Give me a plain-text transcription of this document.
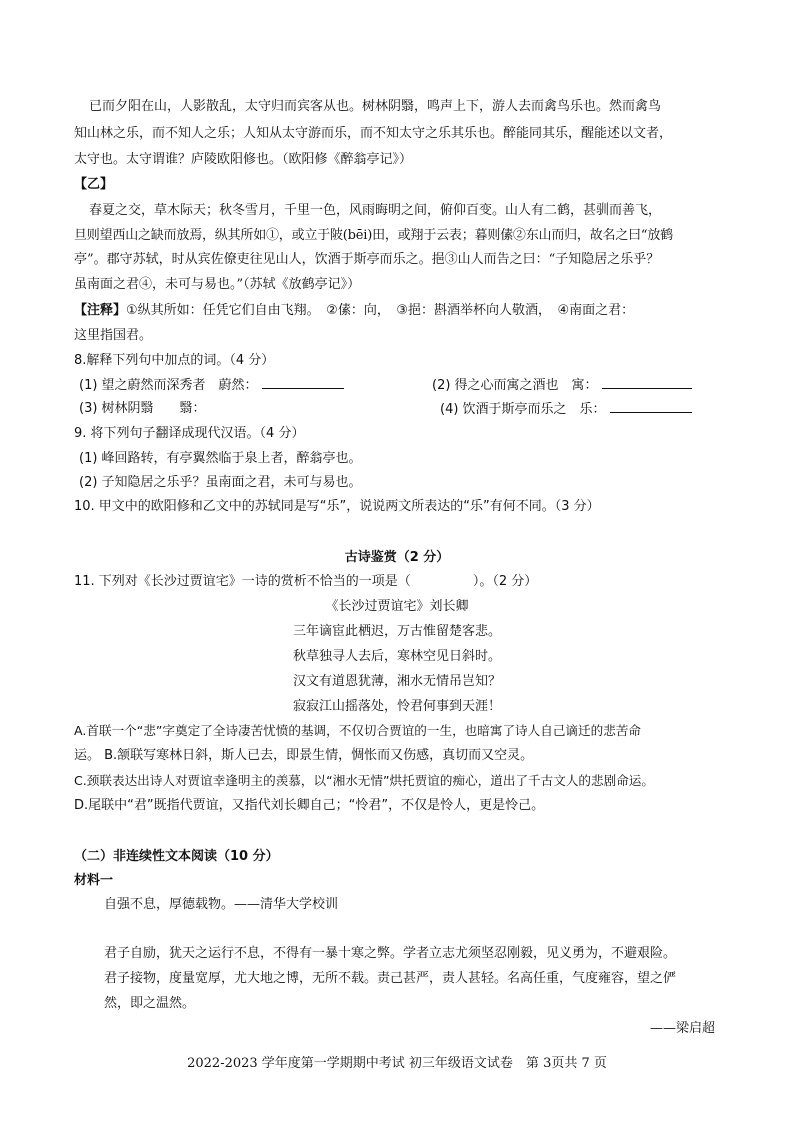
已而夕阳在山，人影散乱，太守归而宾客从也。树林阴翳，鸣声上下，游人去而禽鸟乐也。然而禽鸟
知山林之乐，而不知人之乐；人知从太守游而乐，而不知太守之乐其乐也。醉能同其乐，醒能述以文者，
太守也。太守谓谁？庐陵欧阳修也。（欧阳修《醉翁亭记》）
【乙】
春夏之交，草木际天；秋冬雪月，千里一色，风雨晦明之间，俯仰百变。山人有二鹤，甚驯而善飞，
旦则望西山之缺而放焉，纵其所如①，或立于陂(bēi)田，或翔于云表；暮则傃②东山而归，故名之曰“放鹤
亭”。郡守苏轼，时从宾佐僚吏往见山人，饮酒于斯亭而乐之。挹③山人而告之曰：“子知隐居之乐乎？
虽南面之君④，未可与易也。”（苏轼《放鹤亭记》）
【注释】①纵其所如：任凭它们自由飞翔。　②傃：向，　③挹：斟酒举杯向人敬酒，　④南面之君：
这里指国君。
8.解释下列句中加点的词。（4 分）
(1) 望之蔚然而深秀者　蔚然：	(2) 得之心而寓之酒也　寓：
(3) 树林阴翳　　翳：	(4) 饮酒于斯亭而乐之　乐：
9. 将下列句子翻译成现代汉语。（4 分）
(1) 峰回路转，有亭翼然临于泉上者，醉翁亭也。
(2) 子知隐居之乐乎？虽南面之君，未可与易也。
10. 甲文中的欧阳修和乙文中的苏轼同是写“乐”，说说两文所表达的“乐”有何不同。（3 分）
古诗鉴赏（2 分）
11. 下列对《长沙过贾谊宅》一诗的赏析不恰当的一项是（	）。（2 分）
《长沙过贾谊宅》刘长卿
三年谪宦此栖迟，万古惟留楚客悲。
秋草独寻人去后，寒林空见日斜时。
汉文有道恩犹薄，湘水无情吊岂知？
寂寂江山摇落处，怜君何事到天涯！
A.首联一个“悲”字奠定了全诗凄苦忧愤的基调，不仅切合贾谊的一生，也暗寓了诗人自己谪迁的悲苦命
运。 B.颔联写寒林日斜，斯人已去，即景生情，惆怅而又伤感，真切而又空灵。
C.颈联表达出诗人对贾谊幸逢明主的羡慕，以“湘水无情”烘托贾谊的痴心，道出了千古文人的悲剧命运。
D.尾联中“君”既指代贾谊，又指代刘长卿自己；“怜君”，不仅是怜人，更是怜己。
（二）非连续性文本阅读（10 分）
材料一
自强不息，厚德载物。——清华大学校训
君子自励，犹天之运行不息，不得有一暴十寒之弊。学者立志尤须坚忍刚毅，见义勇为，不避艰险。
君子接物，度量宽厚，尤大地之博，无所不载。责己甚严，责人甚轻。名高任重，气度雍容，望之俨
然，即之温然。
——梁启超
2022-2023 学年度第一学期期中考试 初三年级语文试卷　第 3页共 7 页
